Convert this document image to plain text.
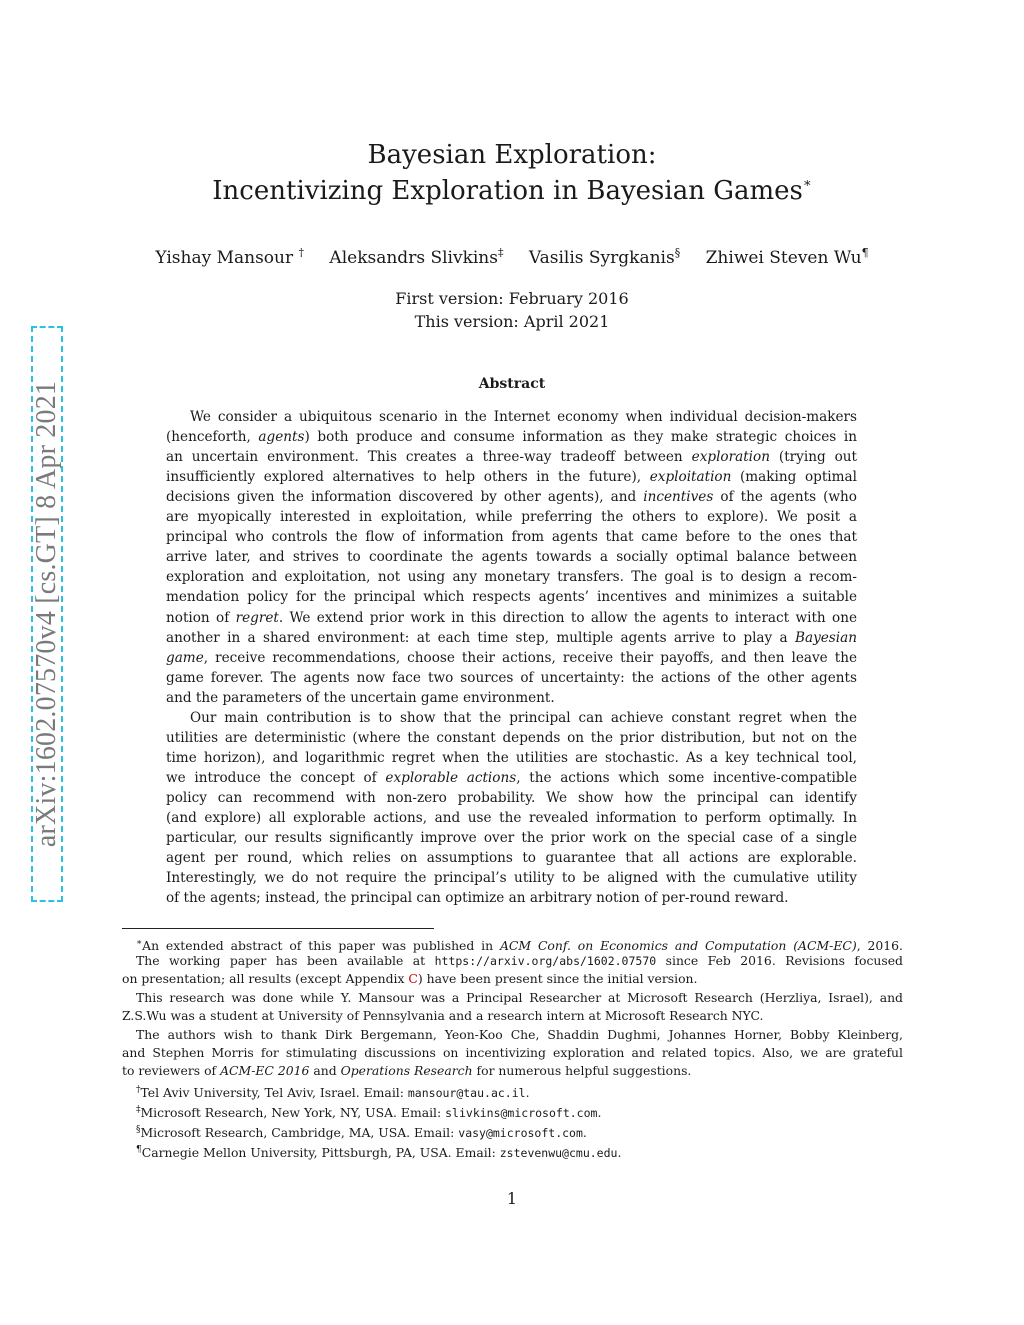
arXiv:1602.07570v4 [cs.GT] 8 Apr 2021
Bayesian Exploration:
Incentivizing Exploration in Bayesian Games∗
Yishay Mansour † Aleksandrs Slivkins‡ Vasilis Syrgkanis§ Zhiwei Steven Wu¶
First version: February 2016
This version: April 2021
Abstract
We consider a ubiquitous scenario in the Internet economy when individual decision-makers
(henceforth, agents) both produce and consume information as they make strategic choices in
an uncertain environment. This creates a three-way tradeoff between exploration (trying out
insufficiently explored alternatives to help others in the future), exploitation (making optimal
decisions given the information discovered by other agents), and incentives of the agents (who
are myopically interested in exploitation, while preferring the others to explore). We posit a
principal who controls the flow of information from agents that came before to the ones that
arrive later, and strives to coordinate the agents towards a socially optimal balance between
exploration and exploitation, not using any monetary transfers. The goal is to design a recom-
mendation policy for the principal which respects agents’ incentives and minimizes a suitable
notion of regret. We extend prior work in this direction to allow the agents to interact with one
another in a shared environment: at each time step, multiple agents arrive to play a Bayesian
game, receive recommendations, choose their actions, receive their payoffs, and then leave the
game forever. The agents now face two sources of uncertainty: the actions of the other agents
and the parameters of the uncertain game environment.
Our main contribution is to show that the principal can achieve constant regret when the
utilities are deterministic (where the constant depends on the prior distribution, but not on the
time horizon), and logarithmic regret when the utilities are stochastic. As a key technical tool,
we introduce the concept of explorable actions, the actions which some incentive-compatible
policy can recommend with non-zero probability. We show how the principal can identify
(and explore) all explorable actions, and use the revealed information to perform optimally. In
particular, our results significantly improve over the prior work on the special case of a single
agent per round, which relies on assumptions to guarantee that all actions are explorable.
Interestingly, we do not require the principal’s utility to be aligned with the cumulative utility
of the agents; instead, the principal can optimize an arbitrary notion of per-round reward.
∗An extended abstract of this paper was published in ACM Conf. on Economics and Computation (ACM-EC), 2016.
The working paper has been available at https://arxiv.org/abs/1602.07570 since Feb 2016. Revisions focused
on presentation; all results (except Appendix C) have been present since the initial version.
This research was done while Y. Mansour was a Principal Researcher at Microsoft Research (Herzliya, Israel), and
Z.S.Wu was a student at University of Pennsylvania and a research intern at Microsoft Research NYC.
The authors wish to thank Dirk Bergemann, Yeon-Koo Che, Shaddin Dughmi, Johannes Horner, Bobby Kleinberg,
and Stephen Morris for stimulating discussions on incentivizing exploration and related topics. Also, we are grateful
to reviewers of ACM-EC 2016 and Operations Research for numerous helpful suggestions.
†Tel Aviv University, Tel Aviv, Israel. Email: mansour@tau.ac.il.
‡Microsoft Research, New York, NY, USA. Email: slivkins@microsoft.com.
§Microsoft Research, Cambridge, MA, USA. Email: vasy@microsoft.com.
¶Carnegie Mellon University, Pittsburgh, PA, USA. Email: zstevenwu@cmu.edu.
1
